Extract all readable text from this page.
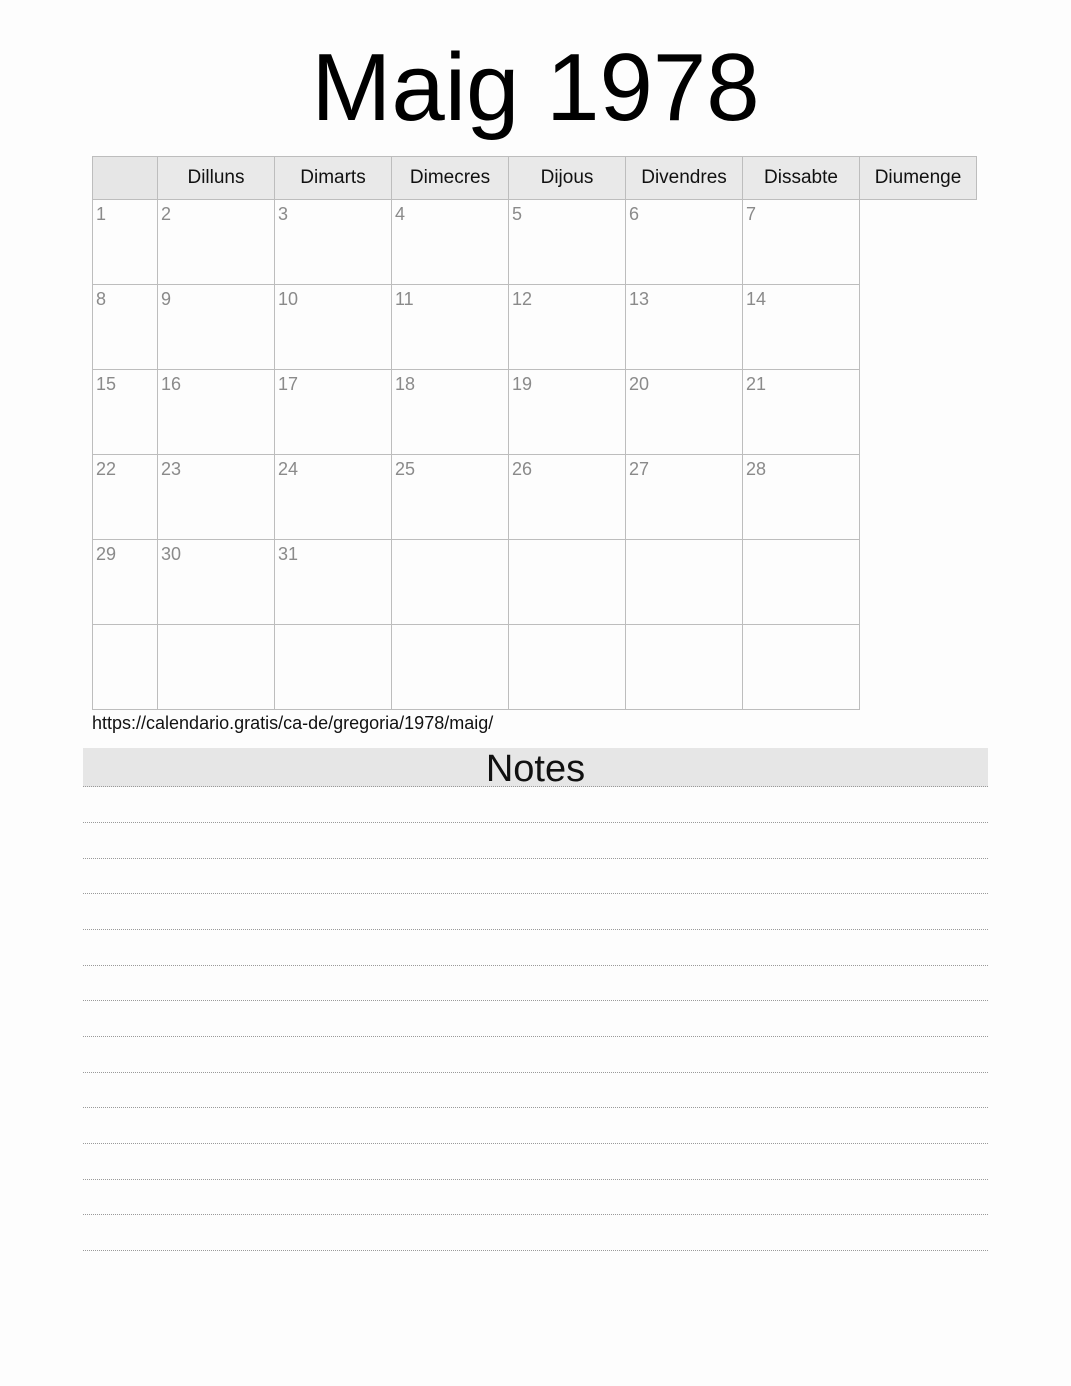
Maig 1978
	Dilluns	Dimarts	Dimecres	Dijous	Divendres	Dissabte	Diumenge

1	2	3	4	5	6	7	

8	9	10	11	12	13	14	

15	16	17	18	19	20	21	

22	23	24	25	26	27	28	

29	30	31					

https://calendario.gratis/ca-de/gregoria/1978/maig/
Notes
